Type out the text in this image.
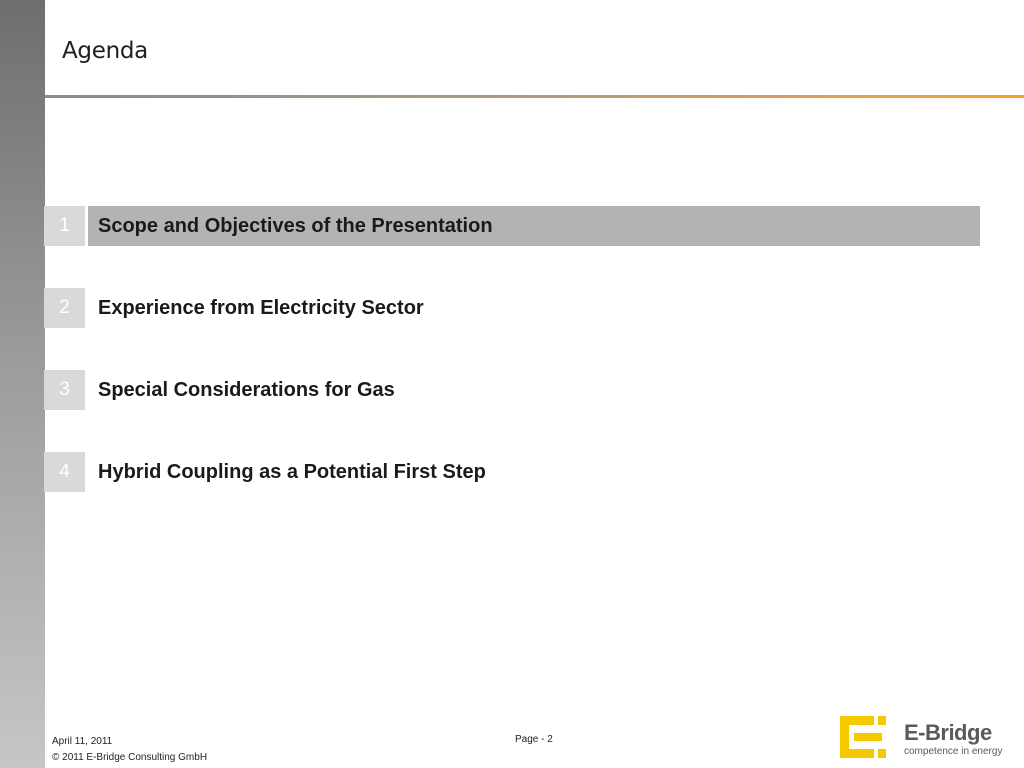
Agenda
1	Scope and Objectives of the Presentation
2	Experience from Electricity Sector
3	Special Considerations for Gas
4	Hybrid Coupling as a Potential First Step
April 11, 2011
© 2011 E-Bridge Consulting GmbH
Page - 2	E-Bridge
competence in energy
